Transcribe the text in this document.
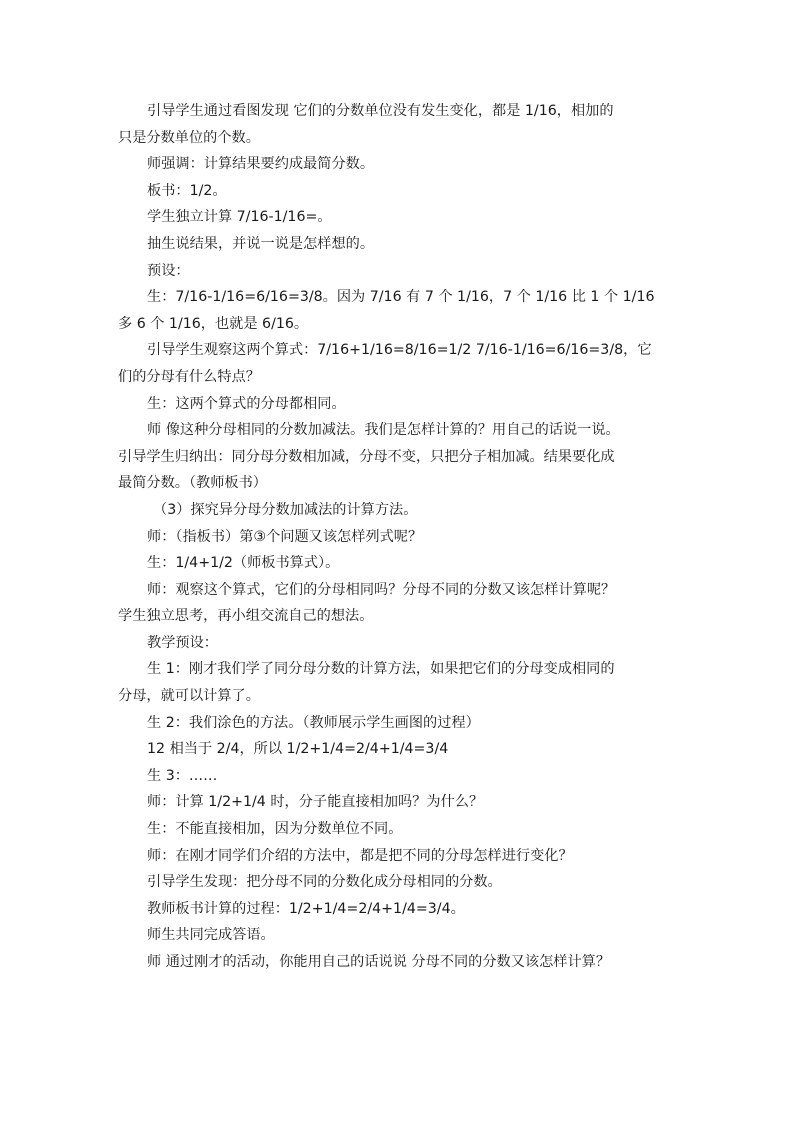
引导学生通过看图发现 它们的分数单位没有发生变化，都是 1/16，相加的

只是分数单位的个数。

师强调：计算结果要约成最简分数。

板书：1/2。

学生独立计算 7/16-1/16=。

抽生说结果，并说一说是怎样想的。

预设：

生：7/16-1/16=6/16=3/8。因为 7/16 有 7 个 1/16，7 个 1/16 比 1 个 1/16

多 6 个 1/16，也就是 6/16。

引导学生观察这两个算式：7/16+1/16=8/16=1/2 7/16-1/16=6/16=3/8，它

们的分母有什么特点？

生：这两个算式的分母都相同。

师 像这种分母相同的分数加减法。我们是怎样计算的？用自己的话说一说。

引导学生归纳出：同分母分数相加减，分母不变，只把分子相加减。结果要化成

最简分数。（教师板书）

（3）探究异分母分数加减法的计算方法。

师：（指板书）第③个问题又该怎样列式呢？

生：1/4+1/2（师板书算式）。

师：观察这个算式，它们的分母相同吗？分母不同的分数又该怎样计算呢？

学生独立思考，再小组交流自己的想法。

教学预设：

生 1：刚才我们学了同分母分数的计算方法，如果把它们的分母变成相同的

分母，就可以计算了。

生 2：我们涂色的方法。（教师展示学生画图的过程）

12 相当于 2/4，所以 1/2+1/4=2/4+1/4=3/4

生 3：……

师：计算 1/2+1/4 时，分子能直接相加吗？为什么？

生：不能直接相加，因为分数单位不同。

师：在刚才同学们介绍的方法中，都是把不同的分母怎样进行变化？

引导学生发现：把分母不同的分数化成分母相同的分数。

教师板书计算的过程：1/2+1/4=2/4+1/4=3/4。

师生共同完成答语。

师 通过刚才的活动，你能用自己的话说说 分母不同的分数又该怎样计算？
